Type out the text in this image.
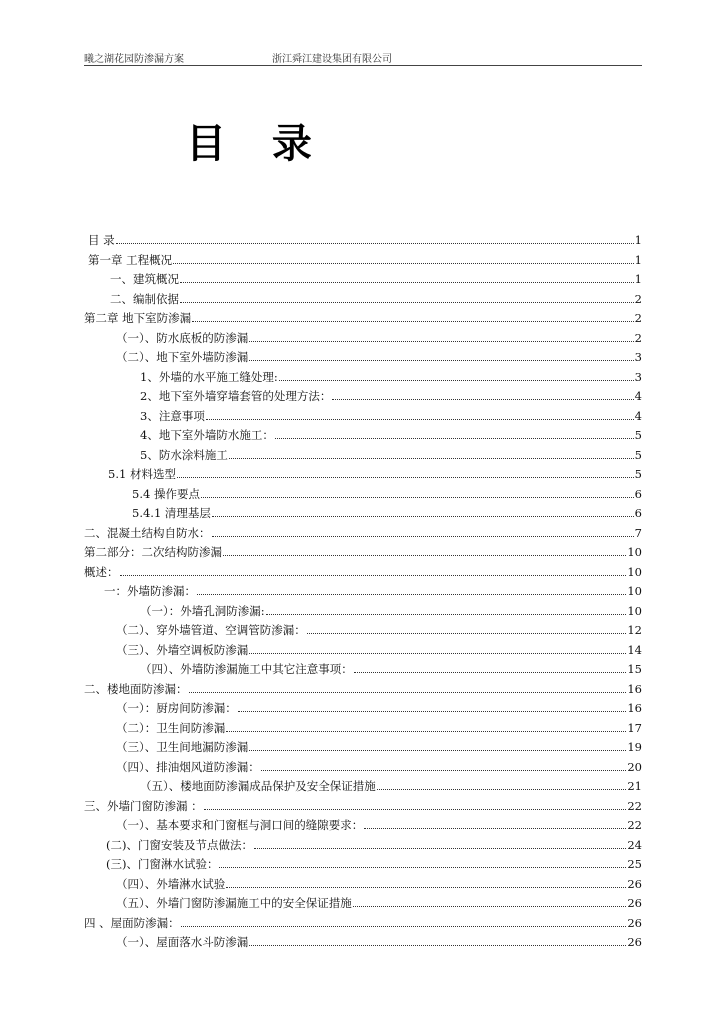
曦之湖花园防渗漏方案	浙江舜江建设集团有限公司
目 录
目 录	1
第一章 工程概况	1
一、建筑概况	1
二、编制依据	2
第二章 地下室防渗漏	2
（一）、防水底板的防渗漏	2
（二）、地下室外墙防渗漏	3
1、外墙的水平施工缝处理:	3
2、地下室外墙穿墙套管的处理方法：	4
3、注意事项	4
4、地下室外墙防水施工：	5
5、防水涂料施工	5
5.1 材料选型	5
5.4 操作要点	6
5.4.1 清理基层	6
二、混凝土结构自防水：	7
第二部分：二次结构防渗漏	10
概述：	10
一：外墙防渗漏：	10
（一）：外墙孔洞防渗漏:	10
（二）、穿外墙管道、空调管防渗漏：	12
（三）、外墙空调板防渗漏	14
（四）、外墙防渗漏施工中其它注意事项：	15
二、楼地面防渗漏：	16
（一）：厨房间防渗漏：	16
（二）：卫生间防渗漏	17
（三）、卫生间地漏防渗漏	19
（四）、排油烟风道防渗漏：	20
（五）、楼地面防渗漏成品保护及安全保证措施	21
三、外墙门窗防渗漏 ：	22
（一）、基本要求和门窗框与洞口间的缝隙要求：	22
(二)、门窗安装及节点做法：	24
(三)、门窗淋水试验：	25
（四）、外墙淋水试验	26
（五）、外墙门窗防渗漏施工中的安全保证措施	26
四 、屋面防渗漏：	26
（一）、屋面落水斗防渗漏	26
